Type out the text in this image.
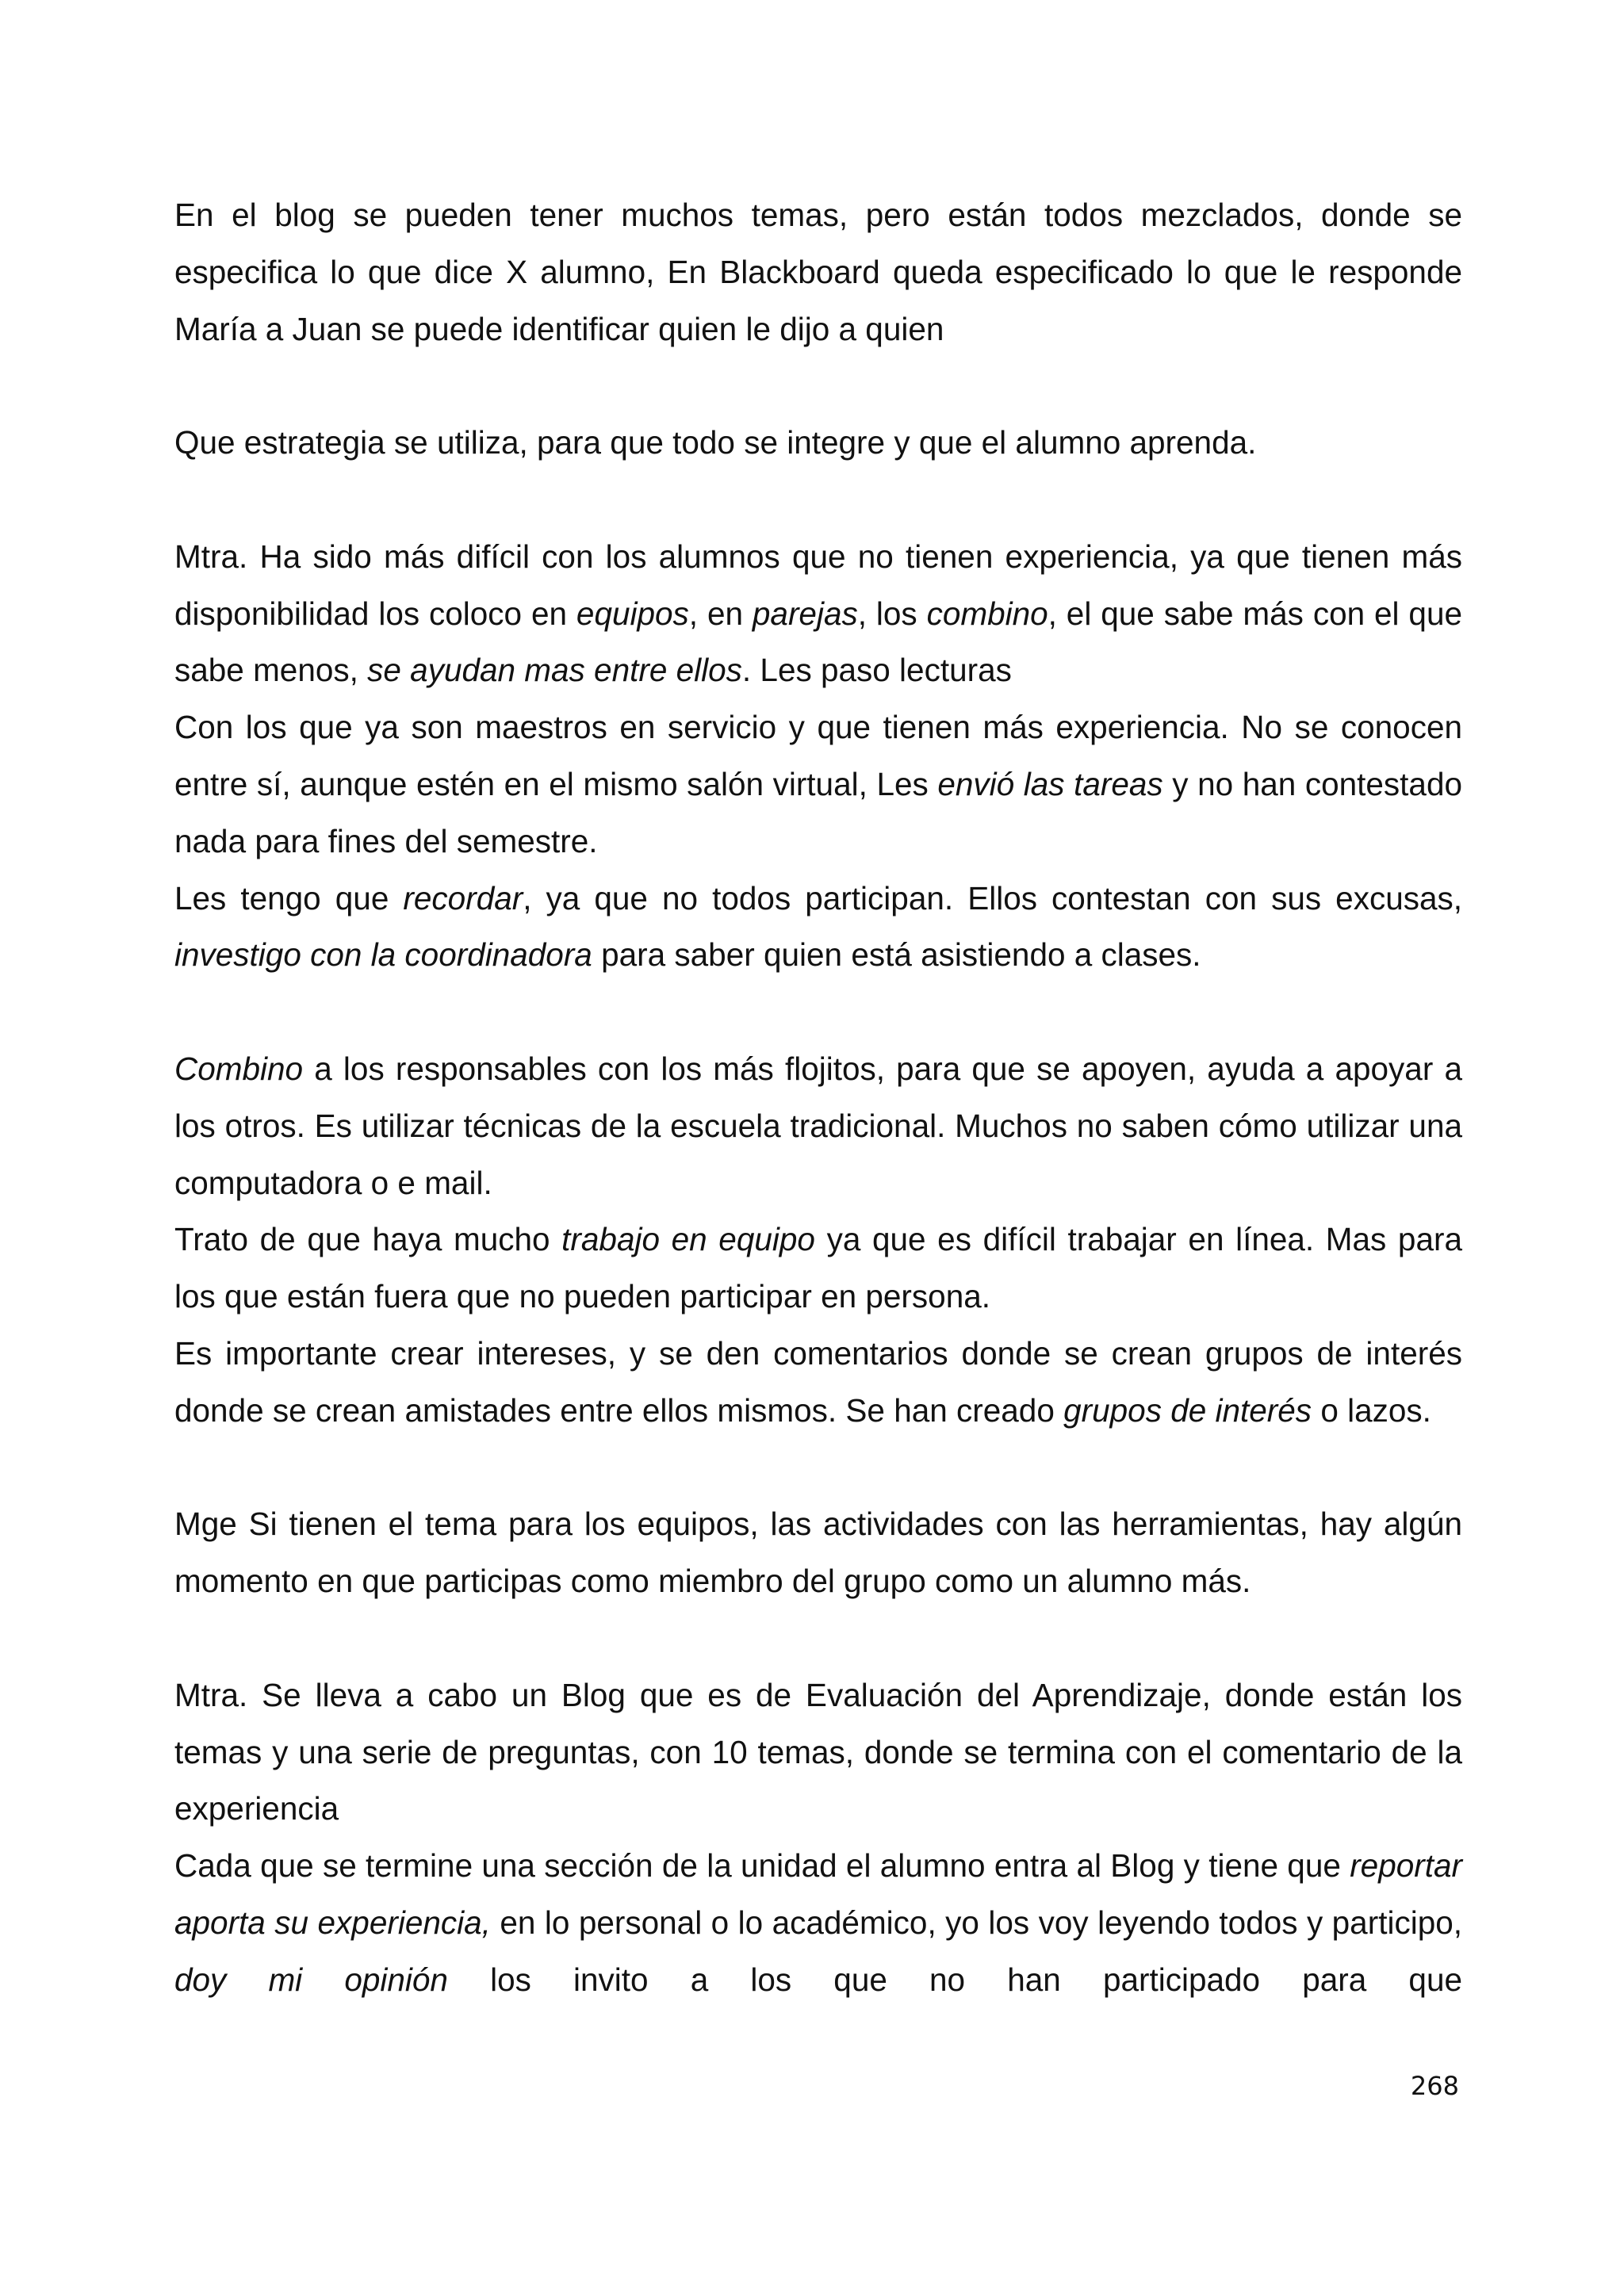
En el blog se pueden tener muchos temas, pero están todos mezclados, donde se especifica lo que dice X alumno, En Blackboard queda especificado lo que le responde María a Juan se puede identificar quien le dijo a quien

Que estrategia se utiliza, para que todo se integre y que el alumno aprenda.

Mtra. Ha sido más difícil con los alumnos que no tienen experiencia, ya que tienen más disponibilidad los coloco en equipos, en parejas, los combino, el que sabe más con el que sabe menos, se ayudan mas entre ellos. Les paso lecturas

Con los que ya son maestros en servicio y que tienen más experiencia. No se conocen entre sí, aunque estén en el mismo salón virtual, Les envió las tareas y no han contestado nada para fines del semestre.

Les tengo que recordar, ya que no todos participan. Ellos contestan con sus excusas, investigo con la coordinadora para saber quien está asistiendo a clases.

Combino a los responsables con los más flojitos, para que se apoyen, ayuda a apoyar a los otros. Es utilizar técnicas de la escuela tradicional. Muchos no saben cómo utilizar una computadora o e mail.

Trato de que haya mucho trabajo en equipo ya que es difícil trabajar en línea. Mas para los que están fuera que no pueden participar en persona.

Es importante crear intereses, y se den comentarios donde se crean grupos de interés donde se crean amistades entre ellos mismos. Se han creado grupos de interés o lazos.

Mge Si tienen el tema para los equipos, las actividades con las herramientas, hay algún momento en que participas como miembro del grupo como un alumno más.

Mtra. Se lleva a cabo un Blog que es de Evaluación del Aprendizaje, donde están los temas y una serie de preguntas, con 10 temas, donde se termina con el comentario de la experiencia

Cada que se termine una sección de la unidad el alumno entra al Blog y tiene que reportar aporta su experiencia, en lo personal o lo académico, yo los voy leyendo todos y participo, doy mi opinión los invito a los que no han participado para que

268
